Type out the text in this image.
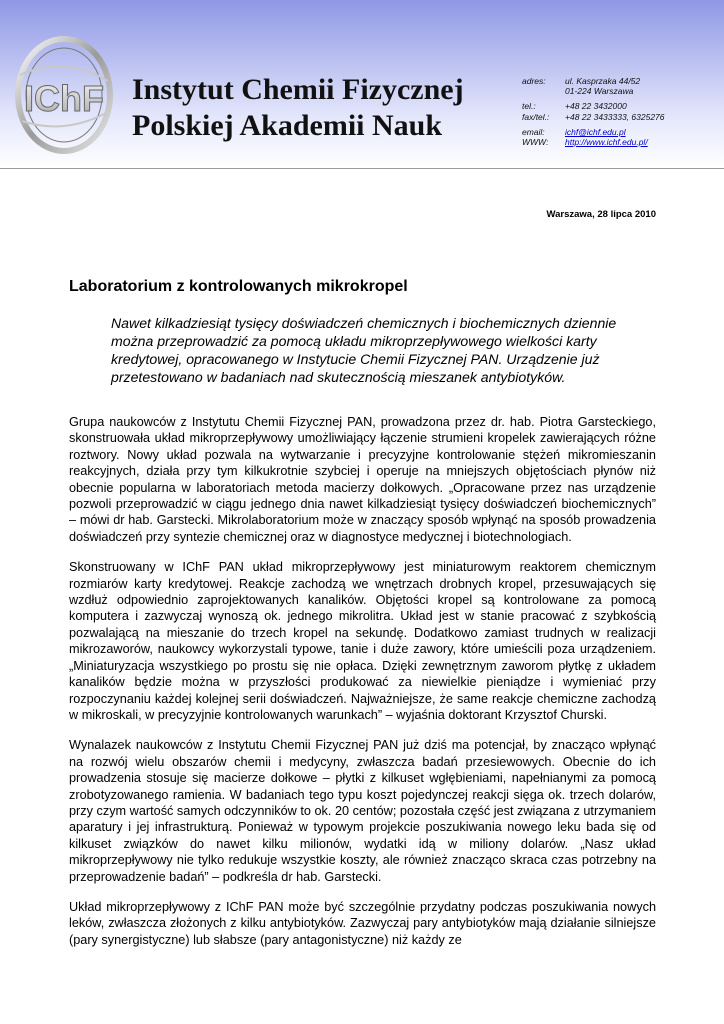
IChF Instytut Chemii Fizycznej
Polskiej Akademii Nauk
adres:	ul. Kasprzaka 44/52
01-224 Warszawa
tel.:	+48 22 3432000
fax/tel.:	+48 22 3433333, 6325276
email:	ichf@ichf.edu.pl
WWW:	http://www.ichf.edu.pl/
Warszawa, 28 lipca 2010
Laboratorium z kontrolowanych mikrokropel

Nawet kilkadziesiąt tysięcy doświadczeń chemicznych i biochemicznych dziennie można przeprowadzić za pomocą układu mikroprzepływowego wielkości karty kredytowej, opracowanego w Instytucie Chemii Fizycznej PAN. Urządzenie już przetestowano w badaniach nad skutecznością mieszanek antybiotyków.

Grupa naukowców z Instytutu Chemii Fizycznej PAN, prowadzona przez dr. hab. Piotra Garsteckiego, skonstruowała układ mikroprzepływowy umożliwiający łączenie strumieni kropelek zawierających różne roztwory. Nowy układ pozwala na wytwarzanie i precyzyjne kontrolowanie stężeń mikromieszanin reakcyjnych, działa przy tym kilkukrotnie szybciej i operuje na mniejszych objętościach płynów niż obecnie popularna w laboratoriach metoda macierzy dołkowych. „Opracowane przez nas urządzenie pozwoli przeprowadzić w ciągu jednego dnia nawet kilkadziesiąt tysięcy doświadczeń biochemicznych” – mówi dr hab. Garstecki. Mikrolaboratorium może w znaczący sposób wpłynąć na sposób prowadzenia doświadczeń przy syntezie chemicznej oraz w diagnostyce medycznej i biotechnologiach.

Skonstruowany w IChF PAN układ mikroprzepływowy jest miniaturowym reaktorem chemicznym rozmiarów karty kredytowej. Reakcje zachodzą we wnętrzach drobnych kropel, przesuwających się wzdłuż odpowiednio zaprojektowanych kanalików. Objętości kropel są kontrolowane za pomocą komputera i zazwyczaj wynoszą ok. jednego mikrolitra. Układ jest w stanie pracować z szybkością pozwalającą na mieszanie do trzech kropel na sekundę. Dodatkowo zamiast trudnych w realizacji mikrozaworów, naukowcy wykorzystali typowe, tanie i duże zawory, które umieścili poza urządzeniem. „Miniaturyzacja wszystkiego po prostu się nie opłaca. Dzięki zewnętrznym zaworom płytkę z układem kanalików będzie można w przyszłości produkować za niewielkie pieniądze i wymieniać przy rozpoczynaniu każdej kolejnej serii doświadczeń. Najważniejsze, że same reakcje chemiczne zachodzą w mikroskali, w precyzyjnie kontrolowanych warunkach” – wyjaśnia doktorant Krzysztof Churski.

Wynalazek naukowców z Instytutu Chemii Fizycznej PAN już dziś ma potencjał, by znacząco wpłynąć na rozwój wielu obszarów chemii i medycyny, zwłaszcza badań przesiewowych. Obecnie do ich prowadzenia stosuje się macierze dołkowe – płytki z kilkuset wgłębieniami, napełnianymi za pomocą zrobotyzowanego ramienia. W badaniach tego typu koszt pojedynczej reakcji sięga ok. trzech dolarów, przy czym wartość samych odczynników to ok. 20 centów; pozostała część jest związana z utrzymaniem aparatury i jej infrastrukturą. Ponieważ w typowym projekcie poszukiwania nowego leku bada się od kilkuset związków do nawet kilku milionów, wydatki idą w miliony dolarów. „Nasz układ mikroprzepływowy nie tylko redukuje wszystkie koszty, ale również znacząco skraca czas potrzebny na przeprowadzenie badań” – podkreśla dr hab. Garstecki.

Układ mikroprzepływowy z IChF PAN może być szczególnie przydatny podczas poszukiwania nowych leków, zwłaszcza złożonych z kilku antybiotyków. Zazwyczaj pary antybiotyków mają działanie silniejsze (pary synergistyczne) lub słabsze (pary antagonistyczne) niż każdy ze
